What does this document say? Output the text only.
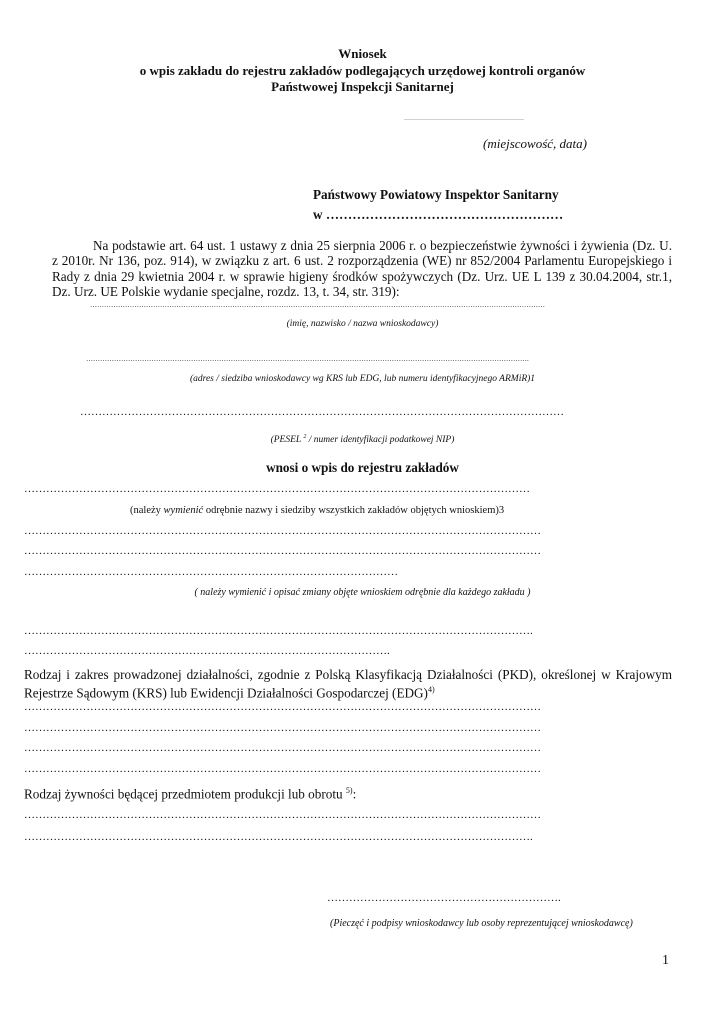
Wniosek
o wpis zakładu do rejestru zakładów podlegających urzędowej kontroli organów
Państwowej Inspekcji Sanitarnej
……………………………………………………
(miejscowość, data)
Państwowy Powiatowy Inspektor Sanitarny
w ………………………………………………
Na podstawie art. 64 ust. 1 ustawy z dnia 25 sierpnia 2006 r. o bezpieczeństwie żywności i żywienia (Dz. U. z 2010r. Nr 136, poz. 914), w związku z art. 6 ust. 2 rozporządzenia (WE) nr 852/2004 Parlamentu Europejskiego i Rady z dnia 29 kwietnia 2004 r. w sprawie higieny środków spożywczych (Dz. Urz. UE L 139 z 30.04.2004, str.1, Dz. Urz. UE Polskie wydanie specjalne, rozdz. 13, t. 34, str. 319):
……………………………………………………………………………………………………………………………………………………………………………
(imię, nazwisko / nazwa wnioskodawcy)
……………………………………………………………………………………………………………………………………………………………………….
(adres / siedziba wnioskodawcy wg KRS lub EDG, lub numeru identyfikacyjnego ARMiR)1
……………………………………………………………………………………………………………………
(PESEL $^2$ / numer identyfikacji podatkowej NIP)
wnosi o wpis do rejestru zakładów
…………………………………………………………………………………………………………………………
(należy wymienić odrębnie nazwy i siedziby wszystkich zakładów objętych wnioskiem)3
……………………………………………………………………………………………………………………………
……………………………………………………………………………………………………………………………
…………………………………………………………………………………………
( należy wymienić i opisać zmiany objęte wnioskiem odrębnie dla każdego zakładu )
………………………………………………………………………………………………………………………….
……………………………………………………………………………………….
Rodzaj i zakres prowadzonej działalności, zgodnie z Polską Klasyfikacją Działalności (PKD), określonej w Krajowym Rejestrze Sądowym (KRS) lub Ewidencji Działalności Gospodarczej (EDG)$^{4)}$
……………………………………………………………………………………………………………………………
……………………………………………………………………………………………………………………………
……………………………………………………………………………………………………………………………
……………………………………………………………………………………………………………………………
Rodzaj żywności będącej przedmiotem produkcji lub obrotu $^{5)}$:
……………………………………………………………………………………………………………………………
………………………………………………………………………………………………………………………….
……………………………………………………….
(Pieczęć i podpisy wnioskodawcy lub osoby reprezentującej wnioskodawcę)
1
